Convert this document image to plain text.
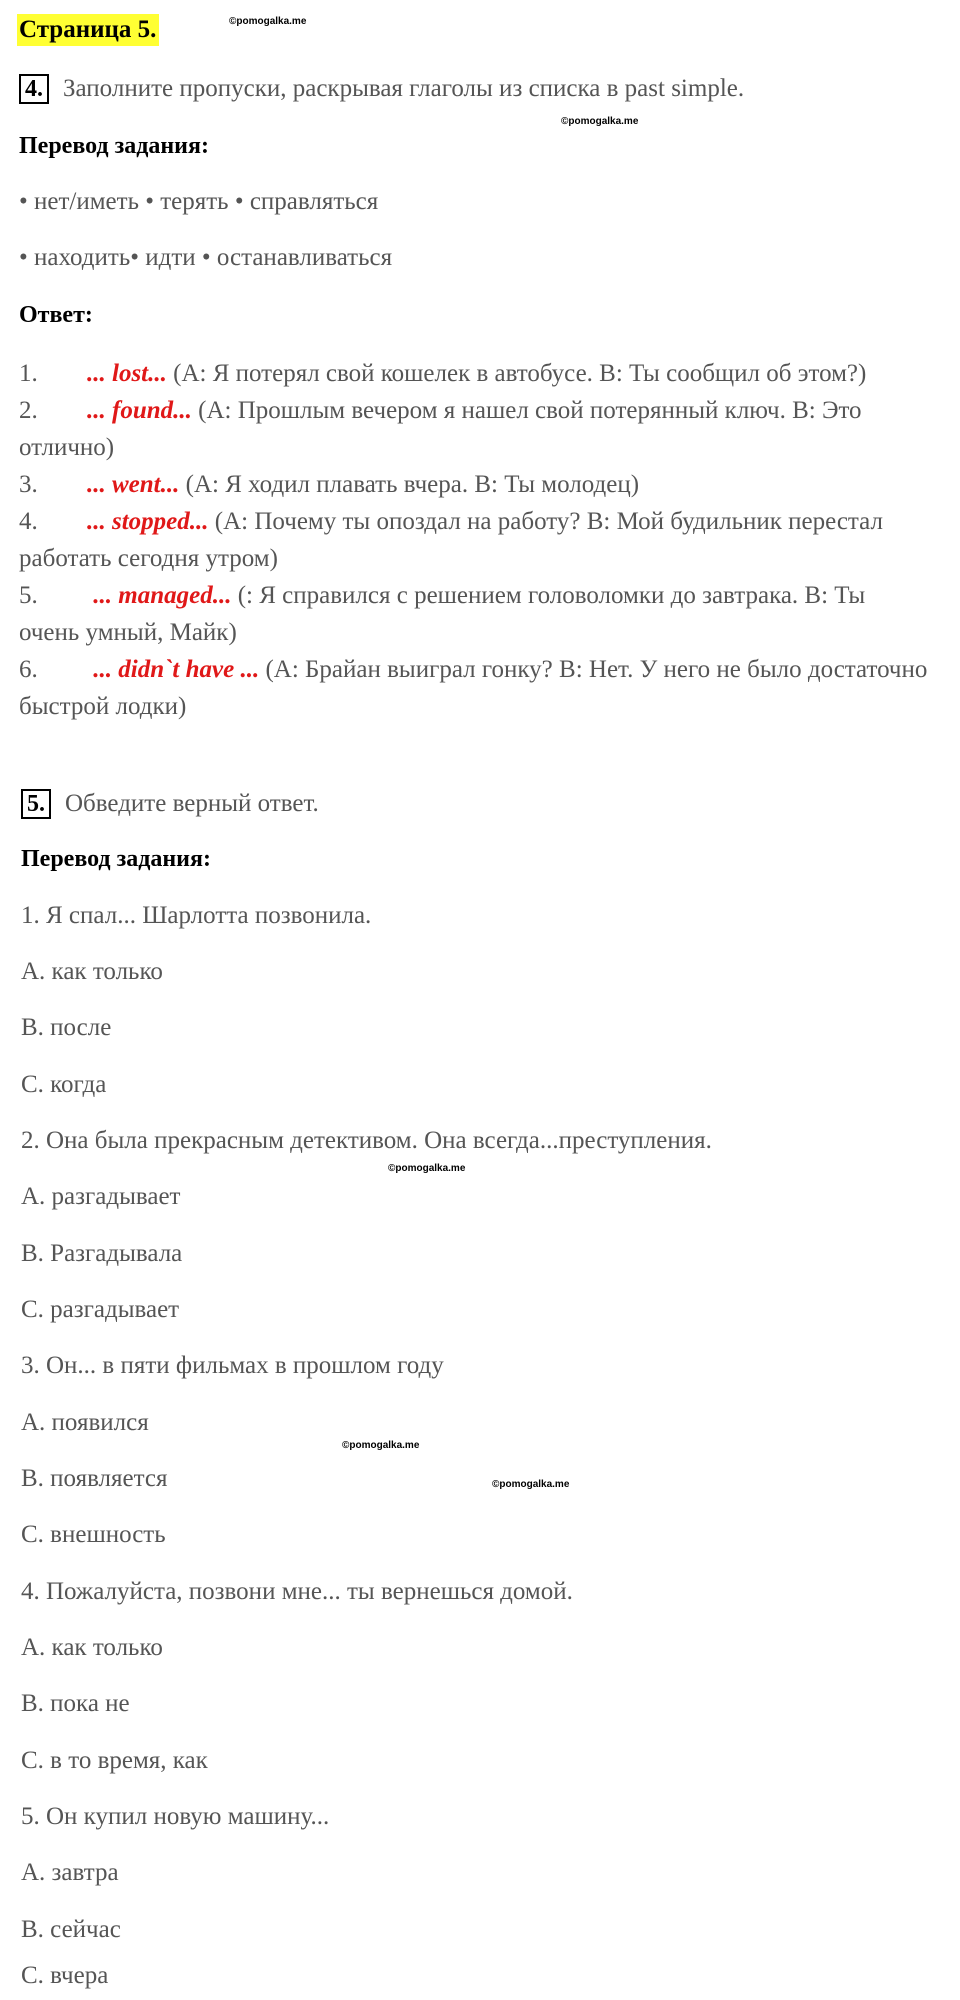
Страница 5.	©pomogalka.me
4. Заполните пропуски, раскрывая глаголы из списка в past simple.
©pomogalka.me
Перевод задания:
• нет/иметь • терять • справляться
• находить• идти • останавливаться
Ответ:
1. ... lost... (A: Я потерял свой кошелек в автобусе. B: Ты сообщил об этом?)
2. ... found... (A: Прошлым вечером я нашел свой потерянный ключ. B: Это отлично)
3. ... went... (A: Я ходил плавать вчера. B: Ты молодец)
4. ... stopped... (A: Почему ты опоздал на работу? B: Мой будильник перестал работать сегодня утром)
5. ... managed... (: Я справился с решением головоломки до завтрака. B: Ты очень умный, Майк)
6. ... didn`t have ... (A: Брайан выиграл гонку? B: Нет. У него не было достаточно быстрой лодки)
5. Обведите верный ответ.
Перевод задания:
1. Я спал... Шарлотта позвонила.
A. как только
B. после
C. когда
2. Она была прекрасным детективом. Она всегда...преступления.
©pomogalka.me
A. разгадывает
B. Разгадывала
C. разгадывает
3. Он... в пяти фильмах в прошлом году
A. появился
©pomogalka.me
B. появляется	©pomogalka.me
C. внешность
4. Пожалуйста, позвони мне... ты вернешься домой.
A. как только
B. пока не
C. в то время, как
5. Он купил новую машину...
A. завтра
B. сейчас
C. вчера
